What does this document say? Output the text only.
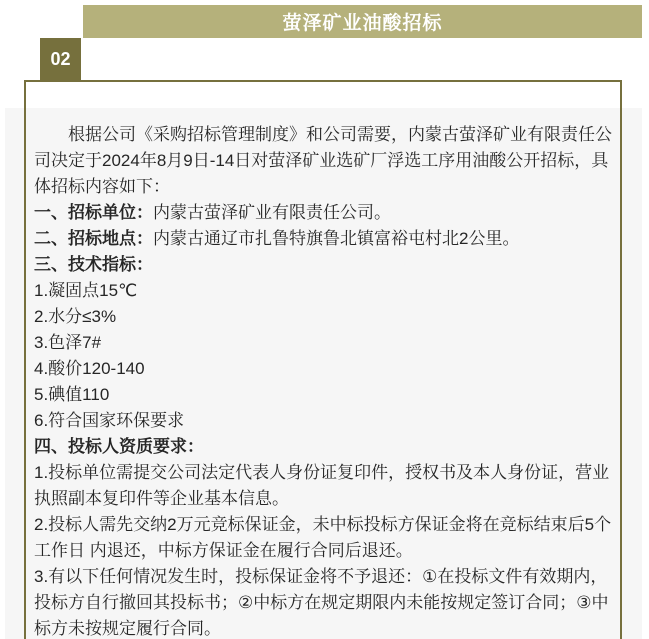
萤泽矿业油酸招标
02

根据公司《采购招标管理制度》和公司需要，内蒙古萤泽矿业有限责任公司决定于2024年8月9日-14日对萤泽矿业选矿厂浮选工序用油酸公开招标，具体招标内容如下：

一、招标单位：内蒙古萤泽矿业有限责任公司。
二、招标地点：内蒙古通辽市扎鲁特旗鲁北镇富裕屯村北2公里。
三、技术指标：
1.凝固点15℃
2.水分≤3%
3.色泽7#
4.酸价120-140
5.碘值110
6.符合国家环保要求
四、投标人资质要求：
1.投标单位需提交公司法定代表人身份证复印件，授权书及本人身份证，营业执照副本复印件等企业基本信息。
2.投标人需先交纳2万元竞标保证金，未中标投标方保证金将在竞标结束后5个工作日 内退还，中标方保证金在履行合同后退还。
3.有以下任何情况发生时，投标保证金将不予退还：①在投标文件有效期内，投标方自行撤回其投标书；②中标方在规定期限内未能按规定签订合同；③中标方未按规定履行合同。
